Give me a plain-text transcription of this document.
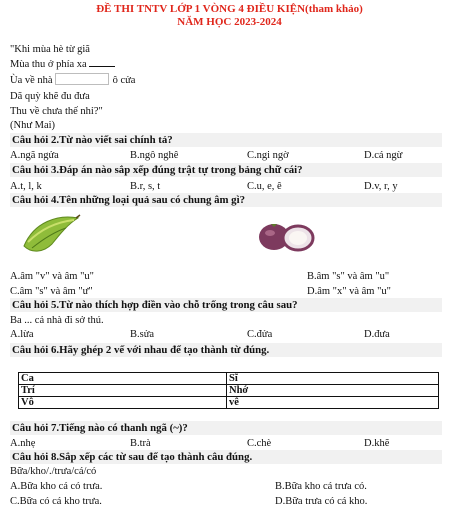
ĐỀ THI TNTV LỚP 1 VÒNG 4 ĐIỀU KIỆN(tham khảo)
NĂM HỌC 2023-2024
"Khi mùa hè từ giã
Mùa thu ở phía xa
Ùa về nhà	ô cửa
Dã quỳ khẽ đu đưa
Thu về chưa thế nhỉ?"
(Như Mai)
Câu hỏi 2.Từ nào viết sai chính tả?
A.ngã ngửa	B.ngô nghê	C.ngi ngờ	D.cá ngừ
Câu hỏi 3.Đáp án nào sắp xếp đúng trật tự trong bảng chữ cái?
A.t, l, k	B.r, s, t	C.u, e, ê	D.v, r, y
Câu hỏi 4.Tên những loại quả sau có chung âm gì?
A.âm "v" và âm "u"	B.âm "s" và âm "u"
C.âm "s" và âm "ư"	D.âm "x" và âm "u"
Câu hỏi 5.Từ nào thích hợp điền vào chỗ trống trong câu sau?
Ba ... cả nhà đi sở thú.
A.lừa	B.sửa	C.đửa	D.đưa
Câu hỏi 6.Hãy ghép 2 vế với nhau để tạo thành từ đúng.
Ca	Sĩ
Trí	Nhớ
Vô	vê
Câu hỏi 7.Tiếng nào có thanh ngã (~)?
A.nhẹ	B.trà	C.chè	D.khẽ
Câu hỏi 8.Sắp xếp các từ sau để tạo thành câu đúng.
Bữa/kho/./trưa/cá/có
A.Bữa kho cá có trưa.	B.Bữa kho cá trưa có.
C.Bữa có cá kho trưa.	D.Bữa trưa có cá kho.
